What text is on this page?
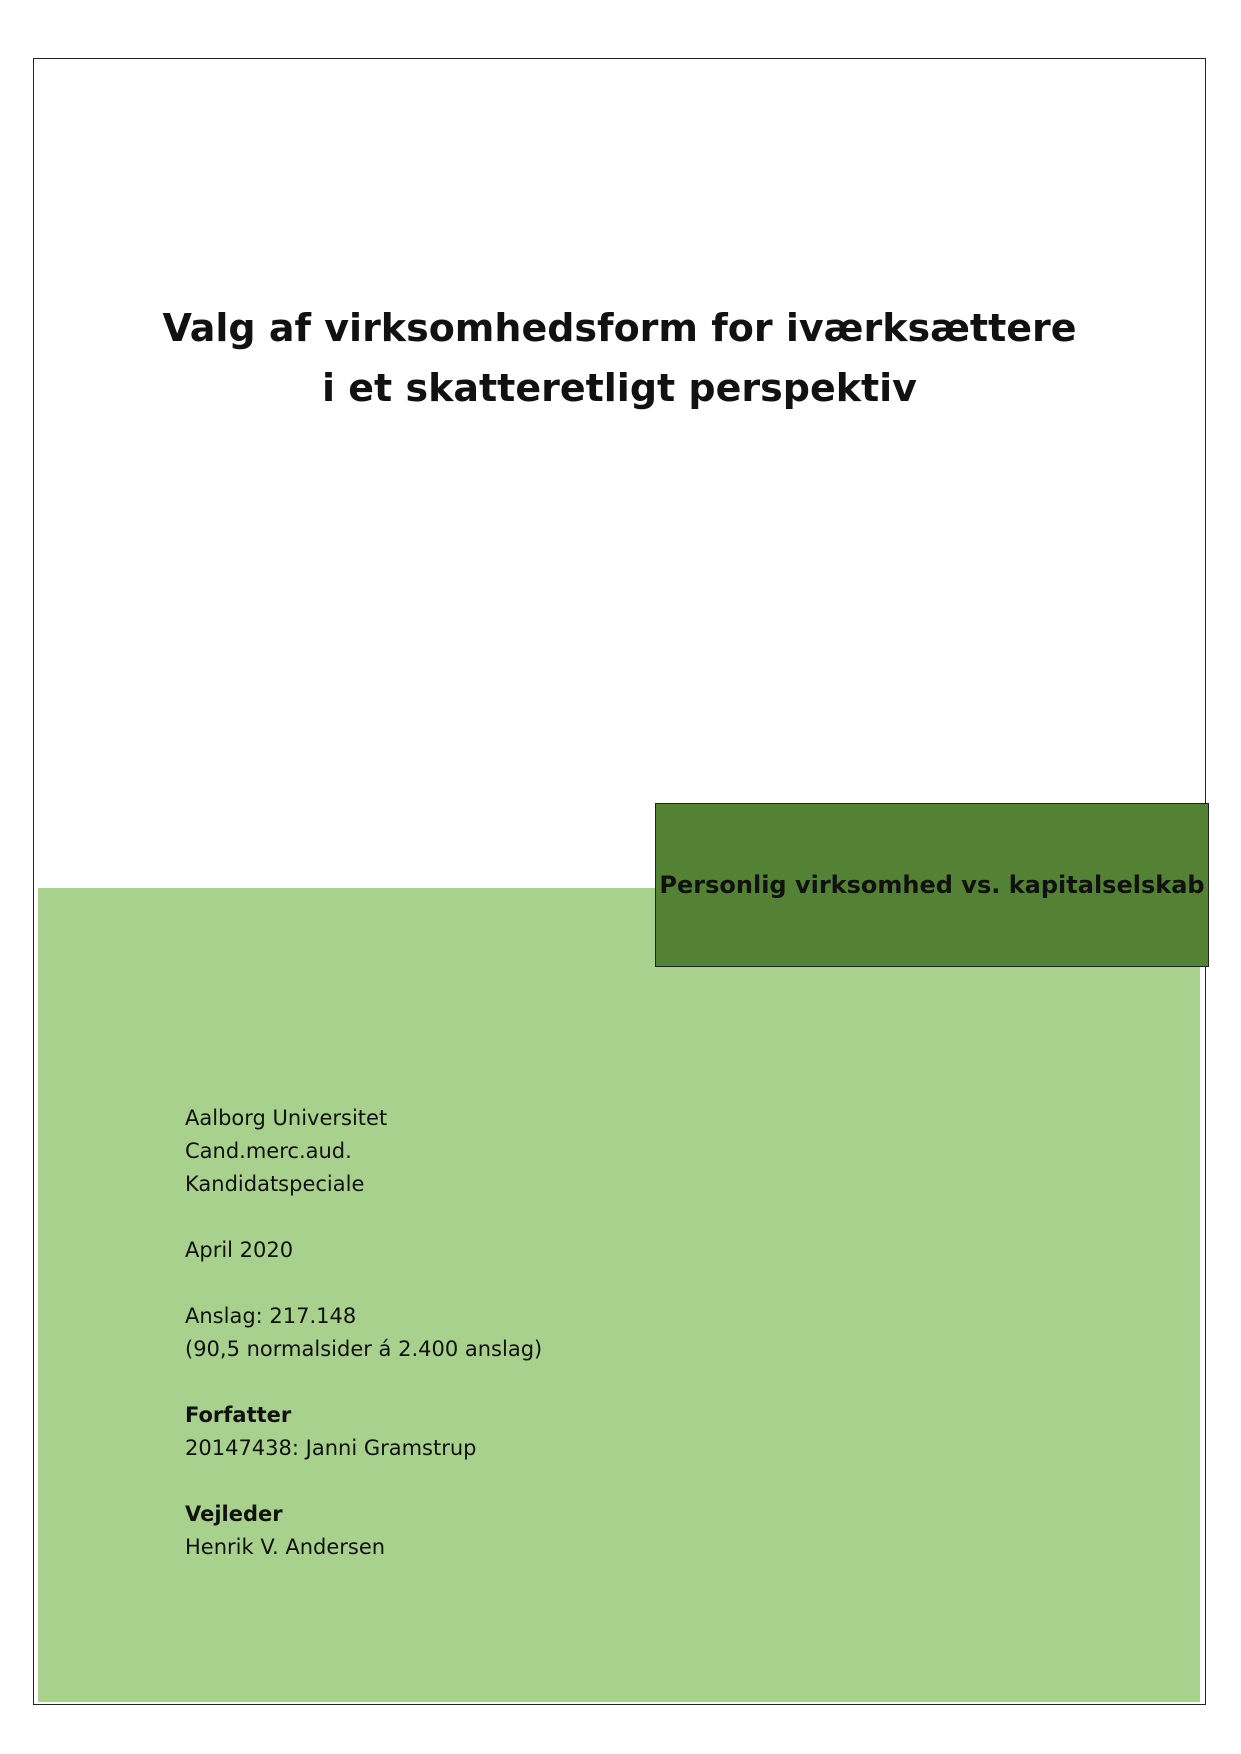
Valg af virksomhedsform for iværksættere
i et skatteretligt perspektiv
Personlig virksomhed vs. kapitalselskab
Aalborg Universitet
Cand.merc.aud.
Kandidatspeciale
April 2020
Anslag: 217.148
(90,5 normalsider á 2.400 anslag)
Forfatter
20147438: Janni Gramstrup
Vejleder
Henrik V. Andersen
